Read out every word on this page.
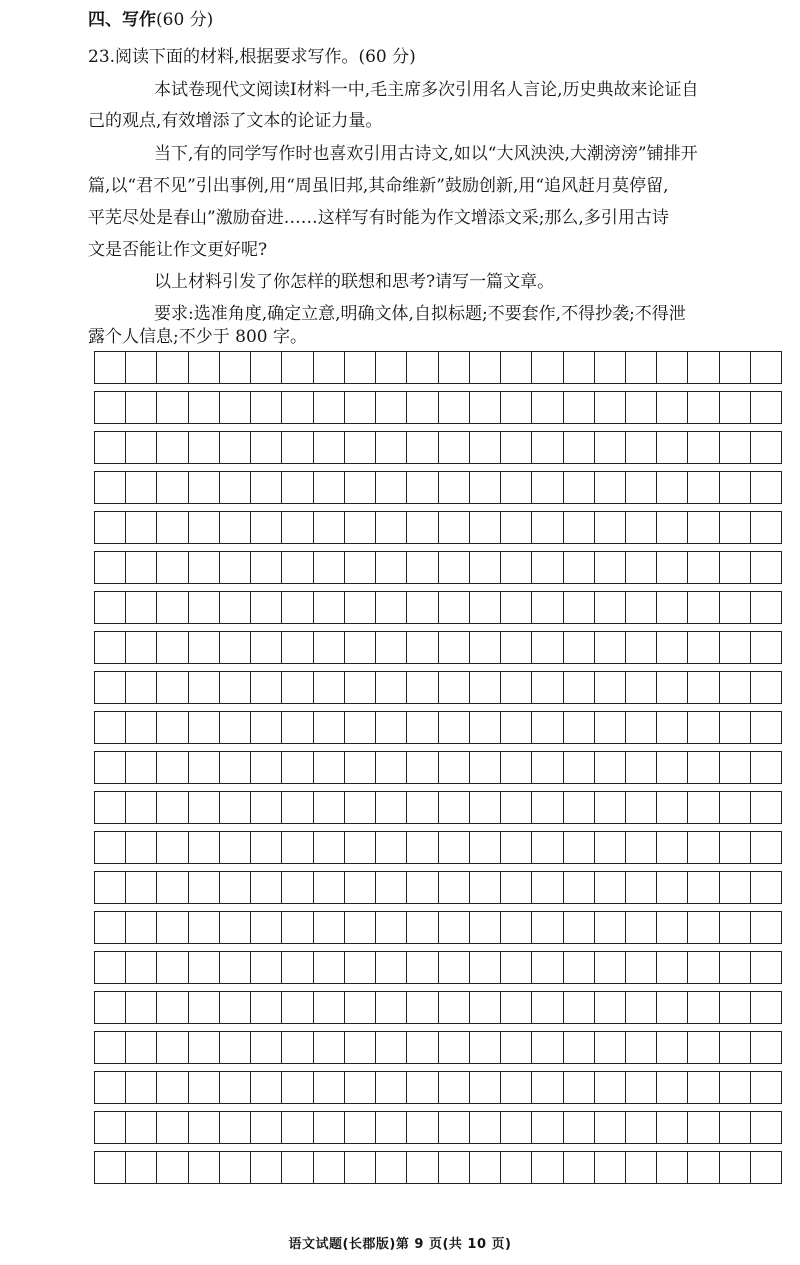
四、写作(60 分)
23.阅读下面的材料,根据要求写作。(60 分)
本试卷现代文阅读Ⅰ材料一中,毛主席多次引用名人言论,历史典故来论证自
己的观点,有效增添了文本的论证力量。
当下,有的同学写作时也喜欢引用古诗文,如以“大风泱泱,大潮滂滂”铺排开
篇,以“君不见”引出事例,用“周虽旧邦,其命维新”鼓励创新,用“追风赶月莫停留,
平芜尽处是春山”激励奋进……这样写有时能为作文增添文采;那么,多引用古诗
文是否能让作文更好呢?
以上材料引发了你怎样的联想和思考?请写一篇文章。
要求:选准角度,确定立意,明确文体,自拟标题;不要套作,不得抄袭;不得泄
露个人信息;不少于 800 字。
语文试题(长郡版)第 9 页(共 10 页)
